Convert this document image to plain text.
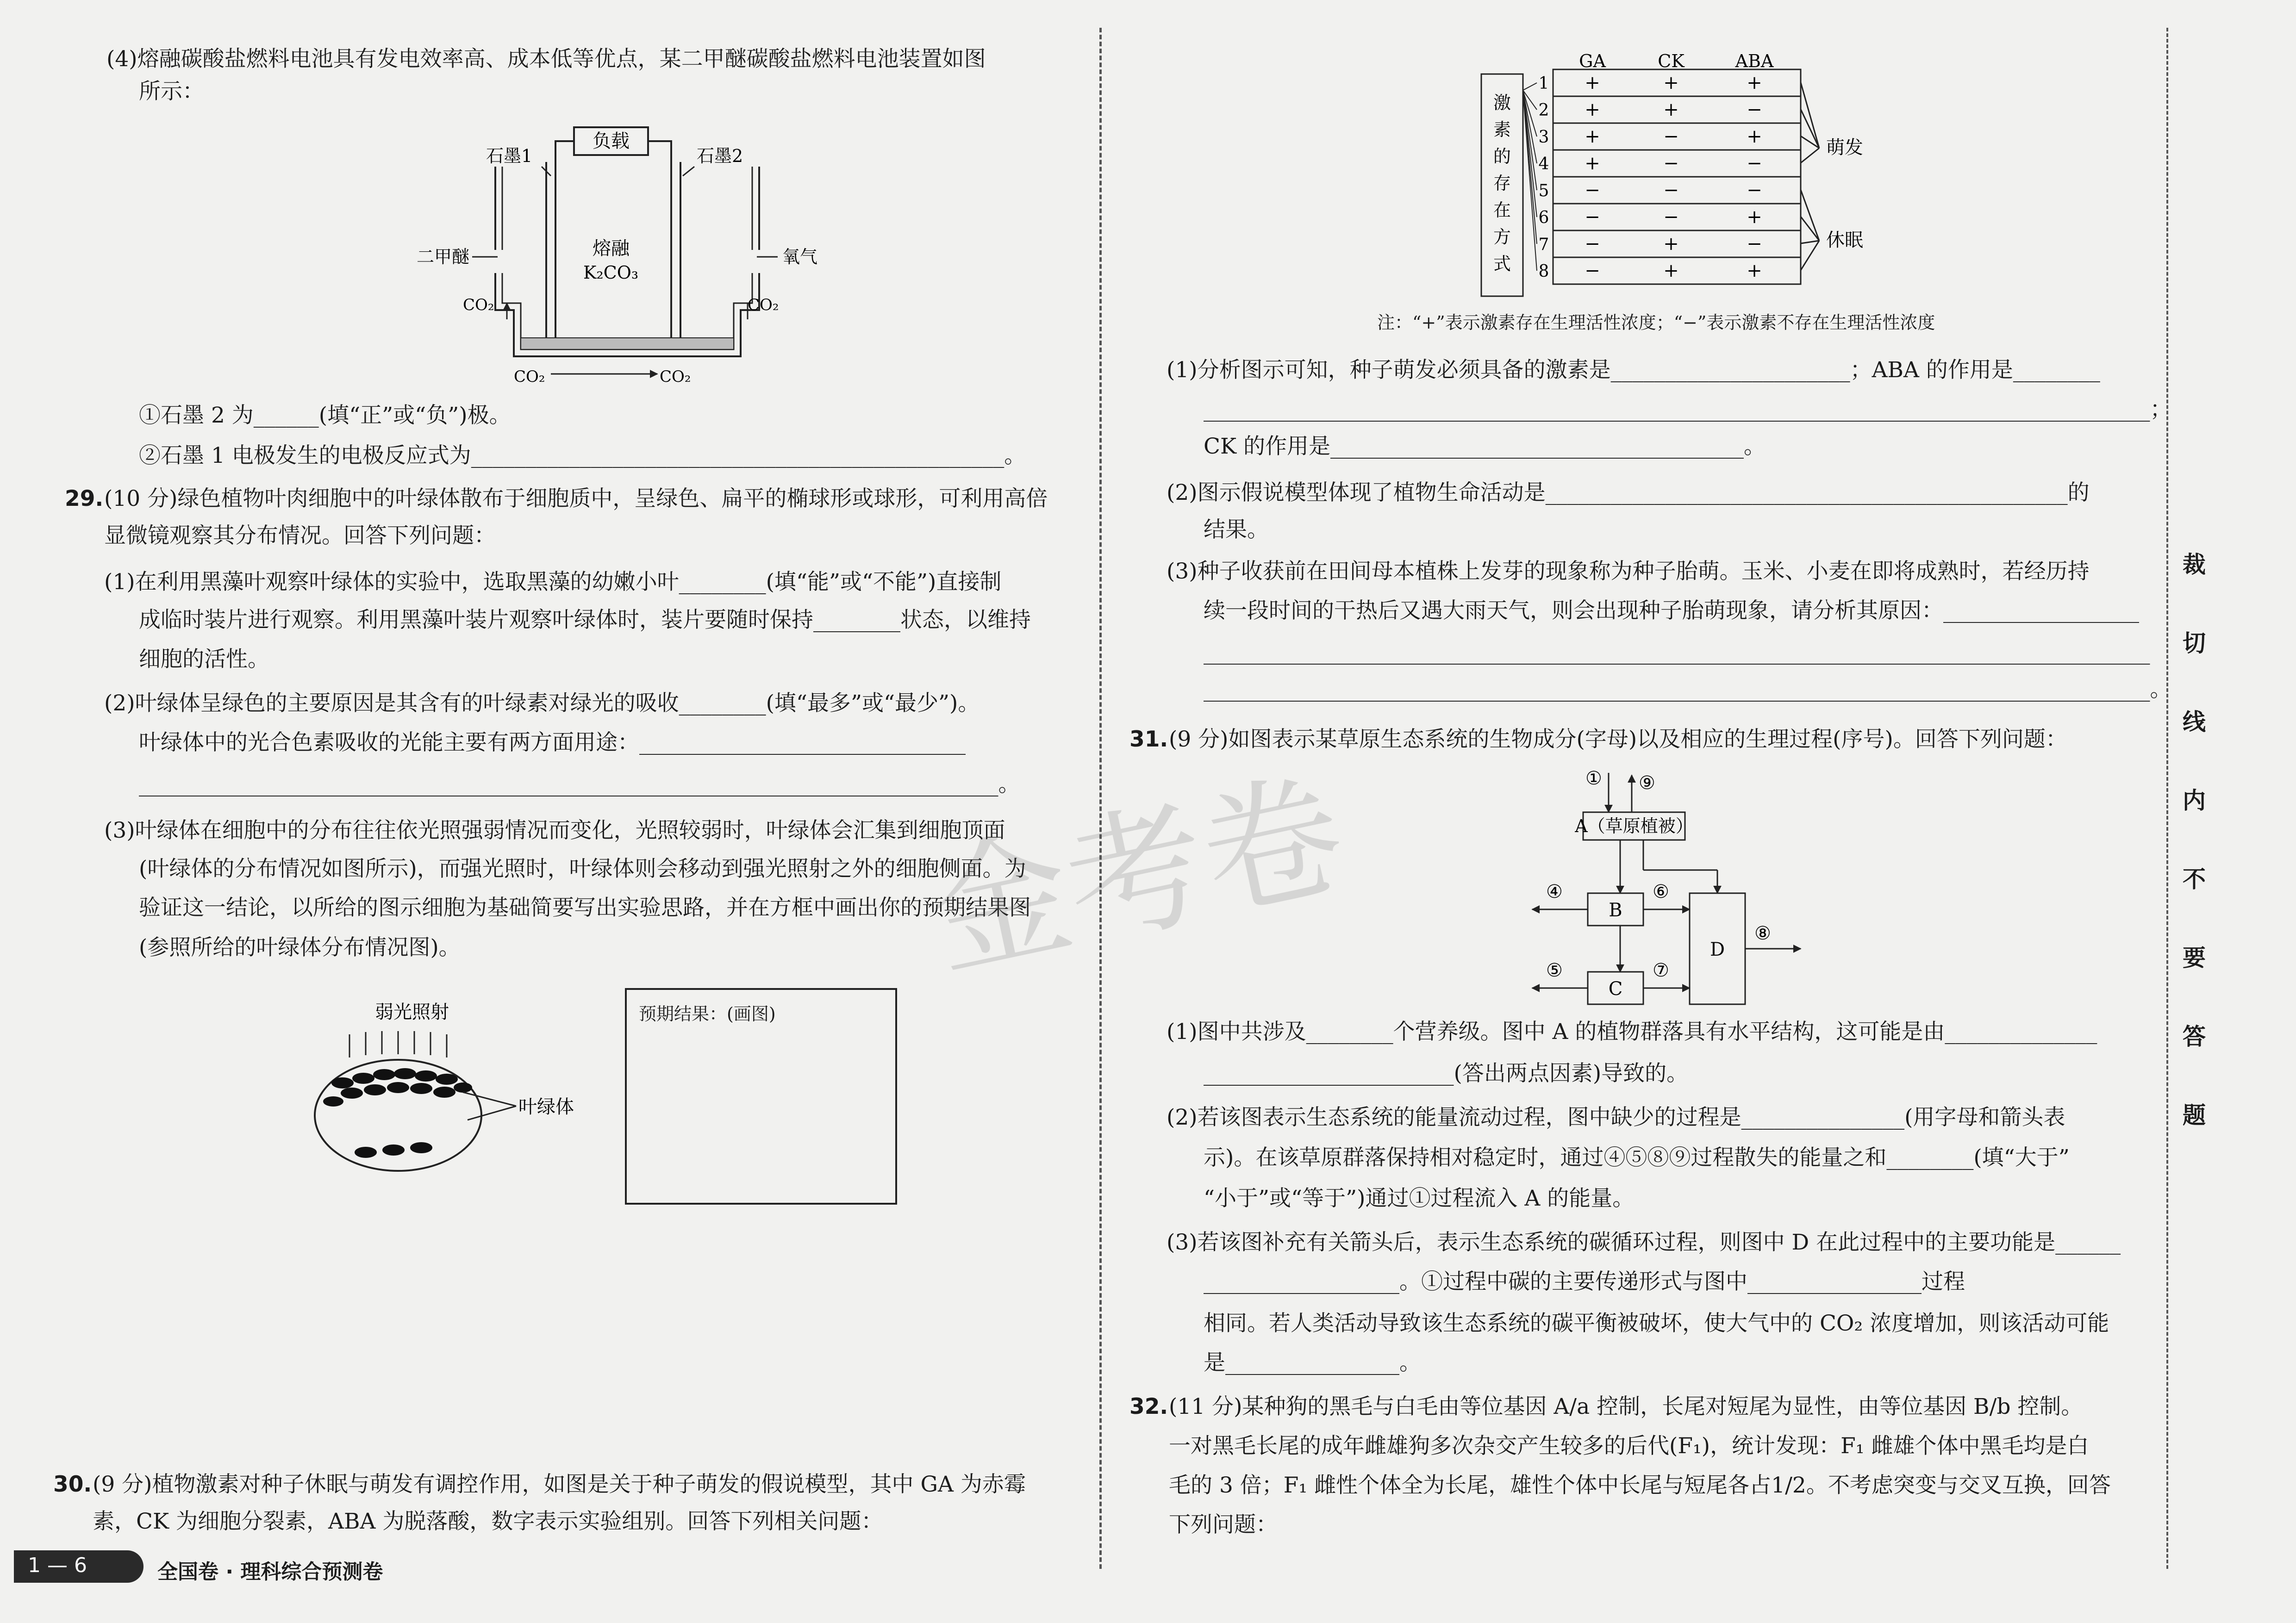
(4)熔融碳酸盐燃料电池具有发电效率高、成本低等优点，某二甲醚碳酸盐燃料电池装置如图
所示：
负载
石墨1	石墨2
熔融
K₂CO₃
二甲醚	氧气
CO₂	CO₂
CO₂	CO₂
①石墨 2 为______(填“正”或“负”)极。
②石墨 1 电极发生的电极反应式为_________________________________________________。
29. (10 分)绿色植物叶肉细胞中的叶绿体散布于细胞质中，呈绿色、扁平的椭球形或球形，可利用高倍
显微镜观察其分布情况。回答下列问题：
(1)在利用黑藻叶观察叶绿体的实验中，选取黑藻的幼嫩小叶________(填“能”或“不能”)直接制
成临时装片进行观察。利用黑藻叶装片观察叶绿体时，装片要随时保持________状态，以维持
细胞的活性。
(2)叶绿体呈绿色的主要原因是其含有的叶绿素对绿光的吸收________(填“最多”或“最少”)。
叶绿体中的光合色素吸收的光能主要有两方面用途：______________________________
_______________________________________________________________________________。
(3)叶绿体在细胞中的分布往往依光照强弱情况而变化，光照较弱时，叶绿体会汇集到细胞顶面
(叶绿体的分布情况如图所示)，而强光照时，叶绿体则会移动到强光照射之外的细胞侧面。为
验证这一结论，以所给的图示细胞为基础简要写出实验思路，并在方框中画出你的预期结果图
(参照所给的叶绿体分布情况图)。
弱光照射
叶绿体
预期结果：(画图)
30. (9 分)植物激素对种子休眠与萌发有调控作用，如图是关于种子萌发的假说模型，其中 GA 为赤霉
素，CK 为细胞分裂素，ABA 为脱落酸，数字表示实验组别。回答下列相关问题：
1 — 6	全国卷 · 理科综合预测卷
激
素
的
存
在
方
式
GA	CK	ABA
1 +	+	+
2 +	+	−
3 +	−	+
4 +	−	−
5 −	−	−
6 −	−	+
7 −	+	−
8 −	+	+
萌发
休眠
注：“+”表示激素存在生理活性浓度；“−”表示激素不存在生理活性浓度
(1)分析图示可知，种子萌发必须具备的激素是______________________；ABA 的作用是________
_______________________________________________________________________________________；
CK 的作用是______________________________________。
(2)图示假说模型体现了植物生命活动是________________________________________________的
结果。
(3)种子收获前在田间母本植株上发芽的现象称为种子胎萌。玉米、小麦在即将成熟时，若经历持
续一段时间的干热后又遇大雨天气，则会出现种子胎萌现象，请分析其原因：__________________
_______________________________________________________________________________________
_______________________________________________________________________________________。
31. (9 分)如图表示某草原生态系统的生物成分(字母)以及相应的生理过程(序号)。回答下列问题：
① ⑨
A（草原植被）
B
C
④
⑤
⑥
⑦
D
⑧
(1)图中共涉及________个营养级。图中 A 的植物群落具有水平结构，这可能是由______________
_______________________(答出两点因素)导致的。
(2)若该图表示生态系统的能量流动过程，图中缺少的过程是_______________(用字母和箭头表
示)。在该草原群落保持相对稳定时，通过④⑤⑧⑨过程散失的能量之和________(填“大于”
“小于”或“等于”)通过①过程流入 A 的能量。
(3)若该图补充有关箭头后，表示生态系统的碳循环过程，则图中 D 在此过程中的主要功能是______
__________________。①过程中碳的主要传递形式与图中________________过程
相同。若人类活动导致该生态系统的碳平衡被破坏，使大气中的 CO₂ 浓度增加，则该活动可能
是________________。
32. (11 分)某种狗的黑毛与白毛由等位基因 A/a 控制，长尾对短尾为显性，由等位基因 B/b 控制。
一对黑毛长尾的成年雌雄狗多次杂交产生较多的后代(F₁)，统计发现：F₁ 雌雄个体中黑毛均是白
毛的 3 倍；F₁ 雌性个体全为长尾，雄性个体中长尾与短尾各占1/2。不考虑突变与交叉互换，回答
下列问题：
裁
切
线
内
不
要
答
题
金考卷
